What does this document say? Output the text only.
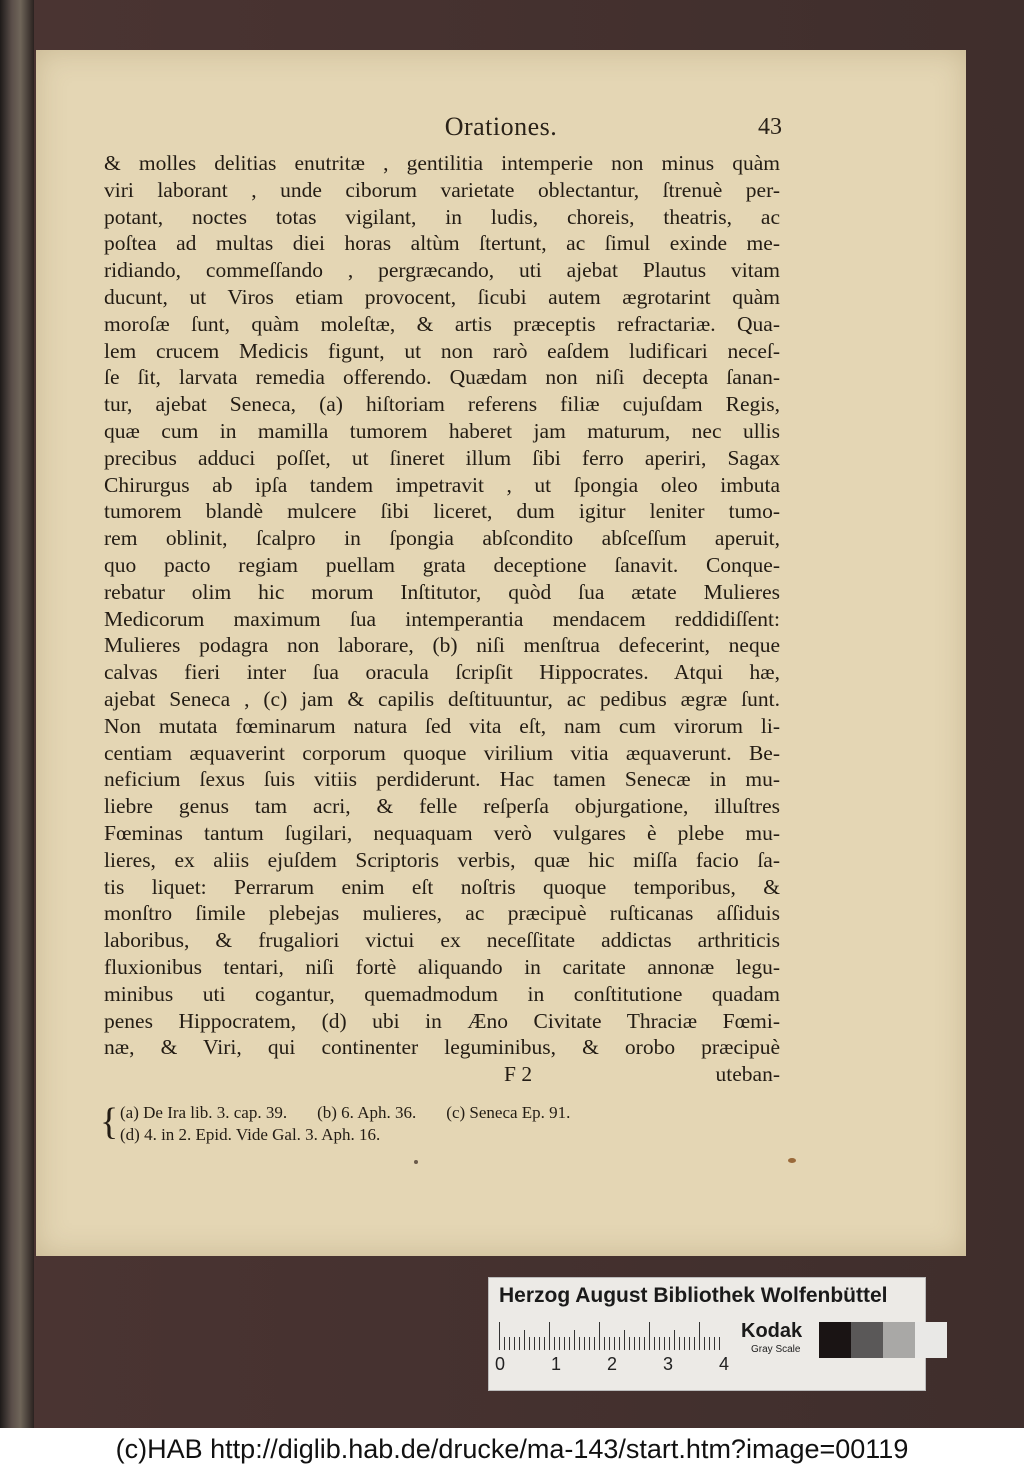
Orationes.	43
& molles delitias enutritæ , gentilitia intemperie non minus quàm
viri laborant , unde ciborum varietate oblectantur, ſtrenuè per-
potant, noctes totas vigilant, in ludis, choreis, theatris, ac
poſtea ad multas diei horas altùm ſtertunt, ac ſimul exinde me-
ridiando, commeſſando , pergræcando, uti ajebat Plautus vitam
ducunt, ut Viros etiam provocent, ſicubi autem ægrotarint quàm
moroſæ ſunt, quàm moleſtæ, & artis præceptis refractariæ. Qua-
lem crucem Medicis figunt, ut non rarò eaſdem ludificari neceſ-
ſe ſit, larvata remedia offerendo. Quædam non niſi decepta ſanan-
tur, ajebat Seneca, (a) hiſtoriam referens filiæ cujuſdam Regis,
quæ cum in mamilla tumorem haberet jam maturum, nec ullis
precibus adduci poſſet, ut ſineret illum ſibi ferro aperiri, Sagax
Chirurgus ab ipſa tandem impetravit , ut ſpongia oleo imbuta
tumorem blandè mulcere ſibi liceret, dum igitur leniter tumo-
rem oblinit, ſcalpro in ſpongia abſcondito abſceſſum aperuit,
quo pacto regiam puellam grata deceptione ſanavit. Conque-
rebatur olim hic morum Inſtitutor, quòd ſua ætate Mulieres
Medicorum maximum ſua intemperantia mendacem reddidiſſent:
Mulieres podagra non laborare, (b) niſi menſtrua defecerint, neque
calvas fieri inter ſua oracula ſcripſit Hippocrates. Atqui hæ,
ajebat Seneca , (c) jam & capilis deſtituuntur, ac pedibus ægræ ſunt.
Non mutata fœminarum natura ſed vita eſt, nam cum virorum li-
centiam æquaverint corporum quoque virilium vitia æquaverunt. Be-
neficium ſexus ſuis vitiis perdiderunt. Hac tamen Senecæ in mu-
liebre genus tam acri, & felle reſperſa objurgatione, illuſtres
Fœminas tantum ſugilari, nequaquam verò vulgares è plebe mu-
lieres, ex aliis ejuſdem Scriptoris verbis, quæ hic miſſa facio ſa-
tis liquet: Perrarum enim eſt noſtris quoque temporibus, &
monſtro ſimile plebejas mulieres, ac præcipuè ruſticanas aſſiduis
laboribus, & frugaliori victui ex neceſſitate addictas arthriticis
fluxionibus tentari, niſi fortè aliquando in caritate annonæ legu-
minibus uti cogantur, quemadmodum in conſtitutione quadam
penes Hippocratem, (d) ubi in Æno Civitate Thraciæ Fœmi-
næ, & Viri, qui continenter leguminibus, & orobo præcipuè
F 2	uteban-
{ (a) De Ira lib. 3. cap. 39. (b) 6. Aph. 36. (c) Seneca Ep. 91.
(d) 4. in 2. Epid. Vide Gal. 3. Aph. 16.
Herzog August Bibliothek Wolfenbüttel
0	1	2	3	4
Kodak
Gray Scale
(c)HAB http://diglib.hab.de/drucke/ma-143/start.htm?image=00119
